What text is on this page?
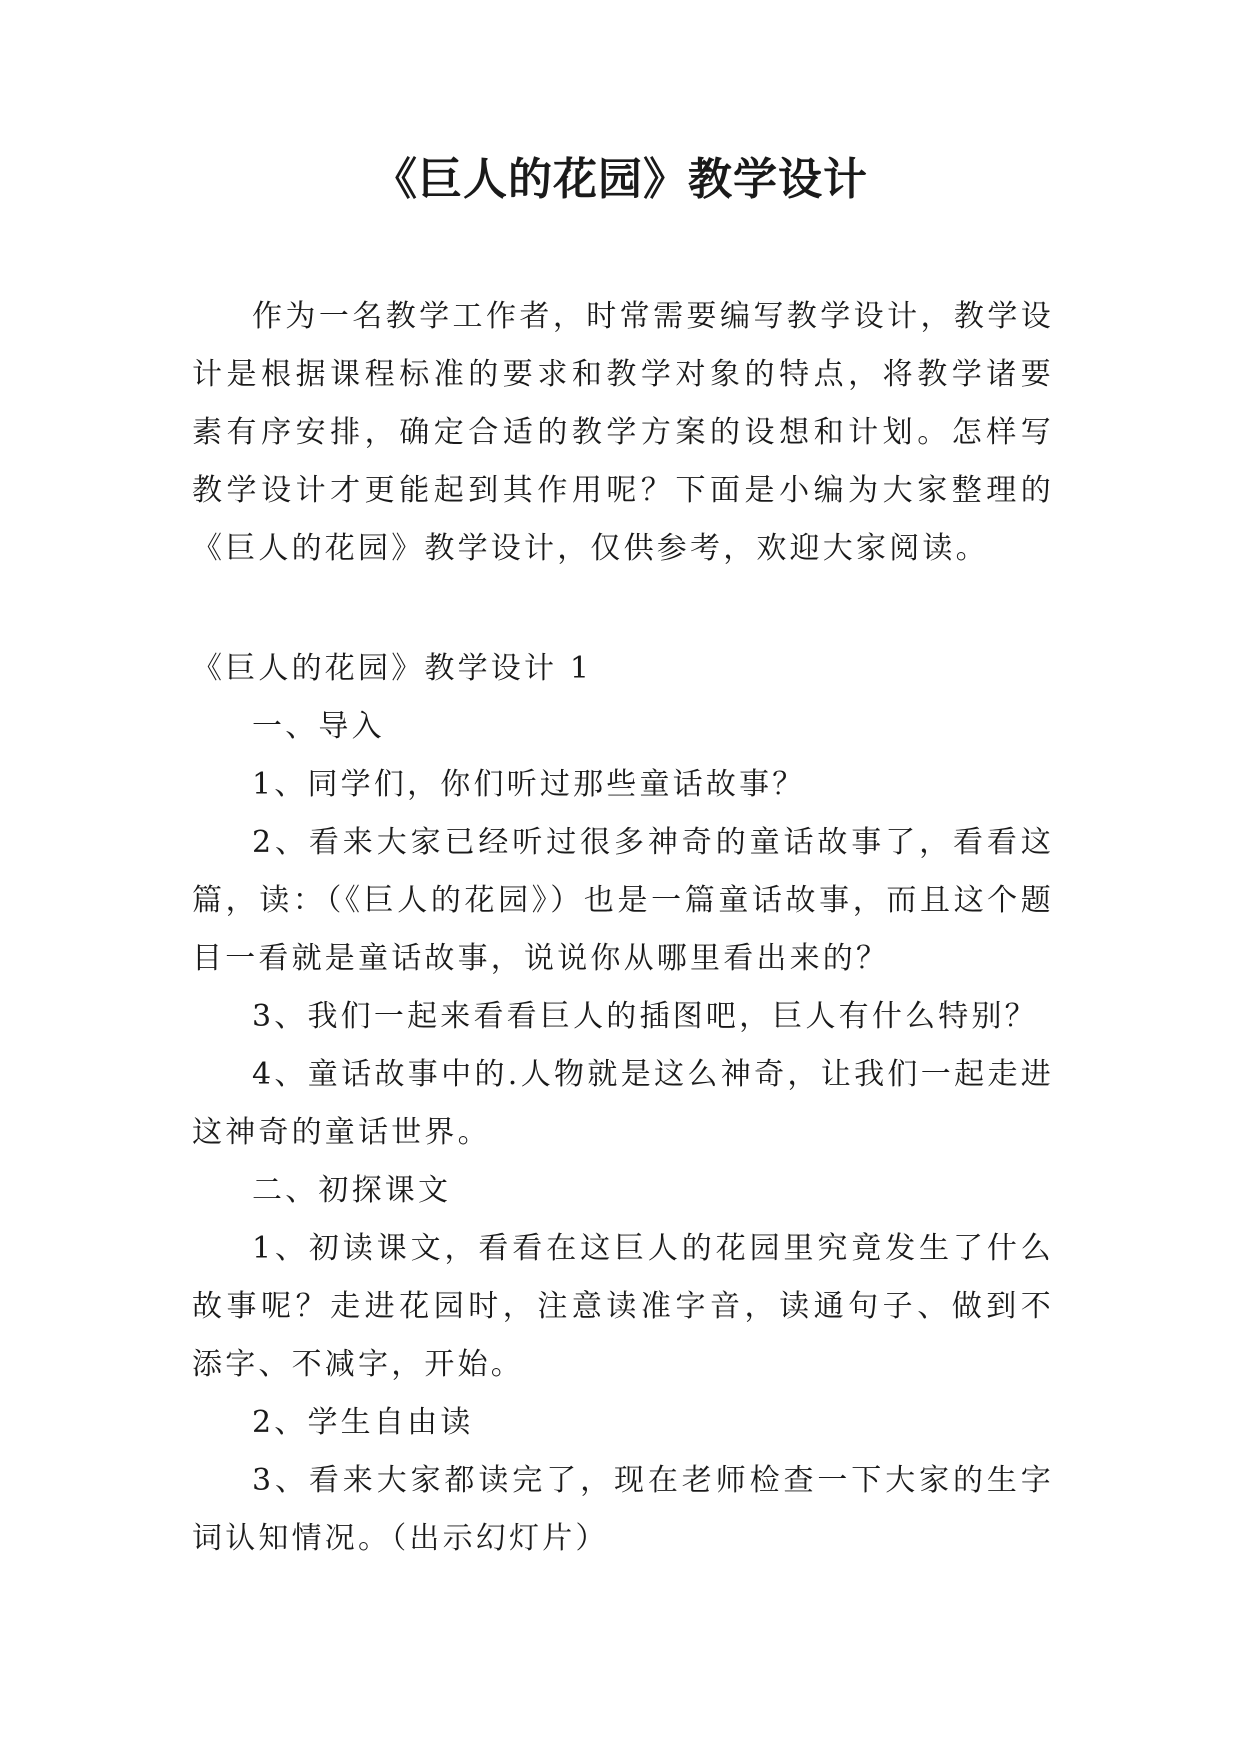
《巨人的花园》教学设计

作为一名教学工作者，时常需要编写教学设计，教学设计是根据课程标准的要求和教学对象的特点，将教学诸要素有序安排，确定合适的教学方案的设想和计划。怎样写教学设计才更能起到其作用呢？下面是小编为大家整理的《巨人的花园》教学设计，仅供参考，欢迎大家阅读。

《巨人的花园》教学设计 1

一、导入

1、同学们，你们听过那些童话故事？

2、看来大家已经听过很多神奇的童话故事了，看看这篇，读：（《巨人的花园》）也是一篇童话故事，而且这个题目一看就是童话故事，说说你从哪里看出来的？

3、我们一起来看看巨人的插图吧，巨人有什么特别？

4、童话故事中的.人物就是这么神奇，让我们一起走进这神奇的童话世界。

二、初探课文

1、初读课文，看看在这巨人的花园里究竟发生了什么故事呢？走进花园时，注意读准字音，读通句子、做到不添字、不减字，开始。

2、学生自由读

3、看来大家都读完了，现在老师检查一下大家的生字词认知情况。（出示幻灯片）
